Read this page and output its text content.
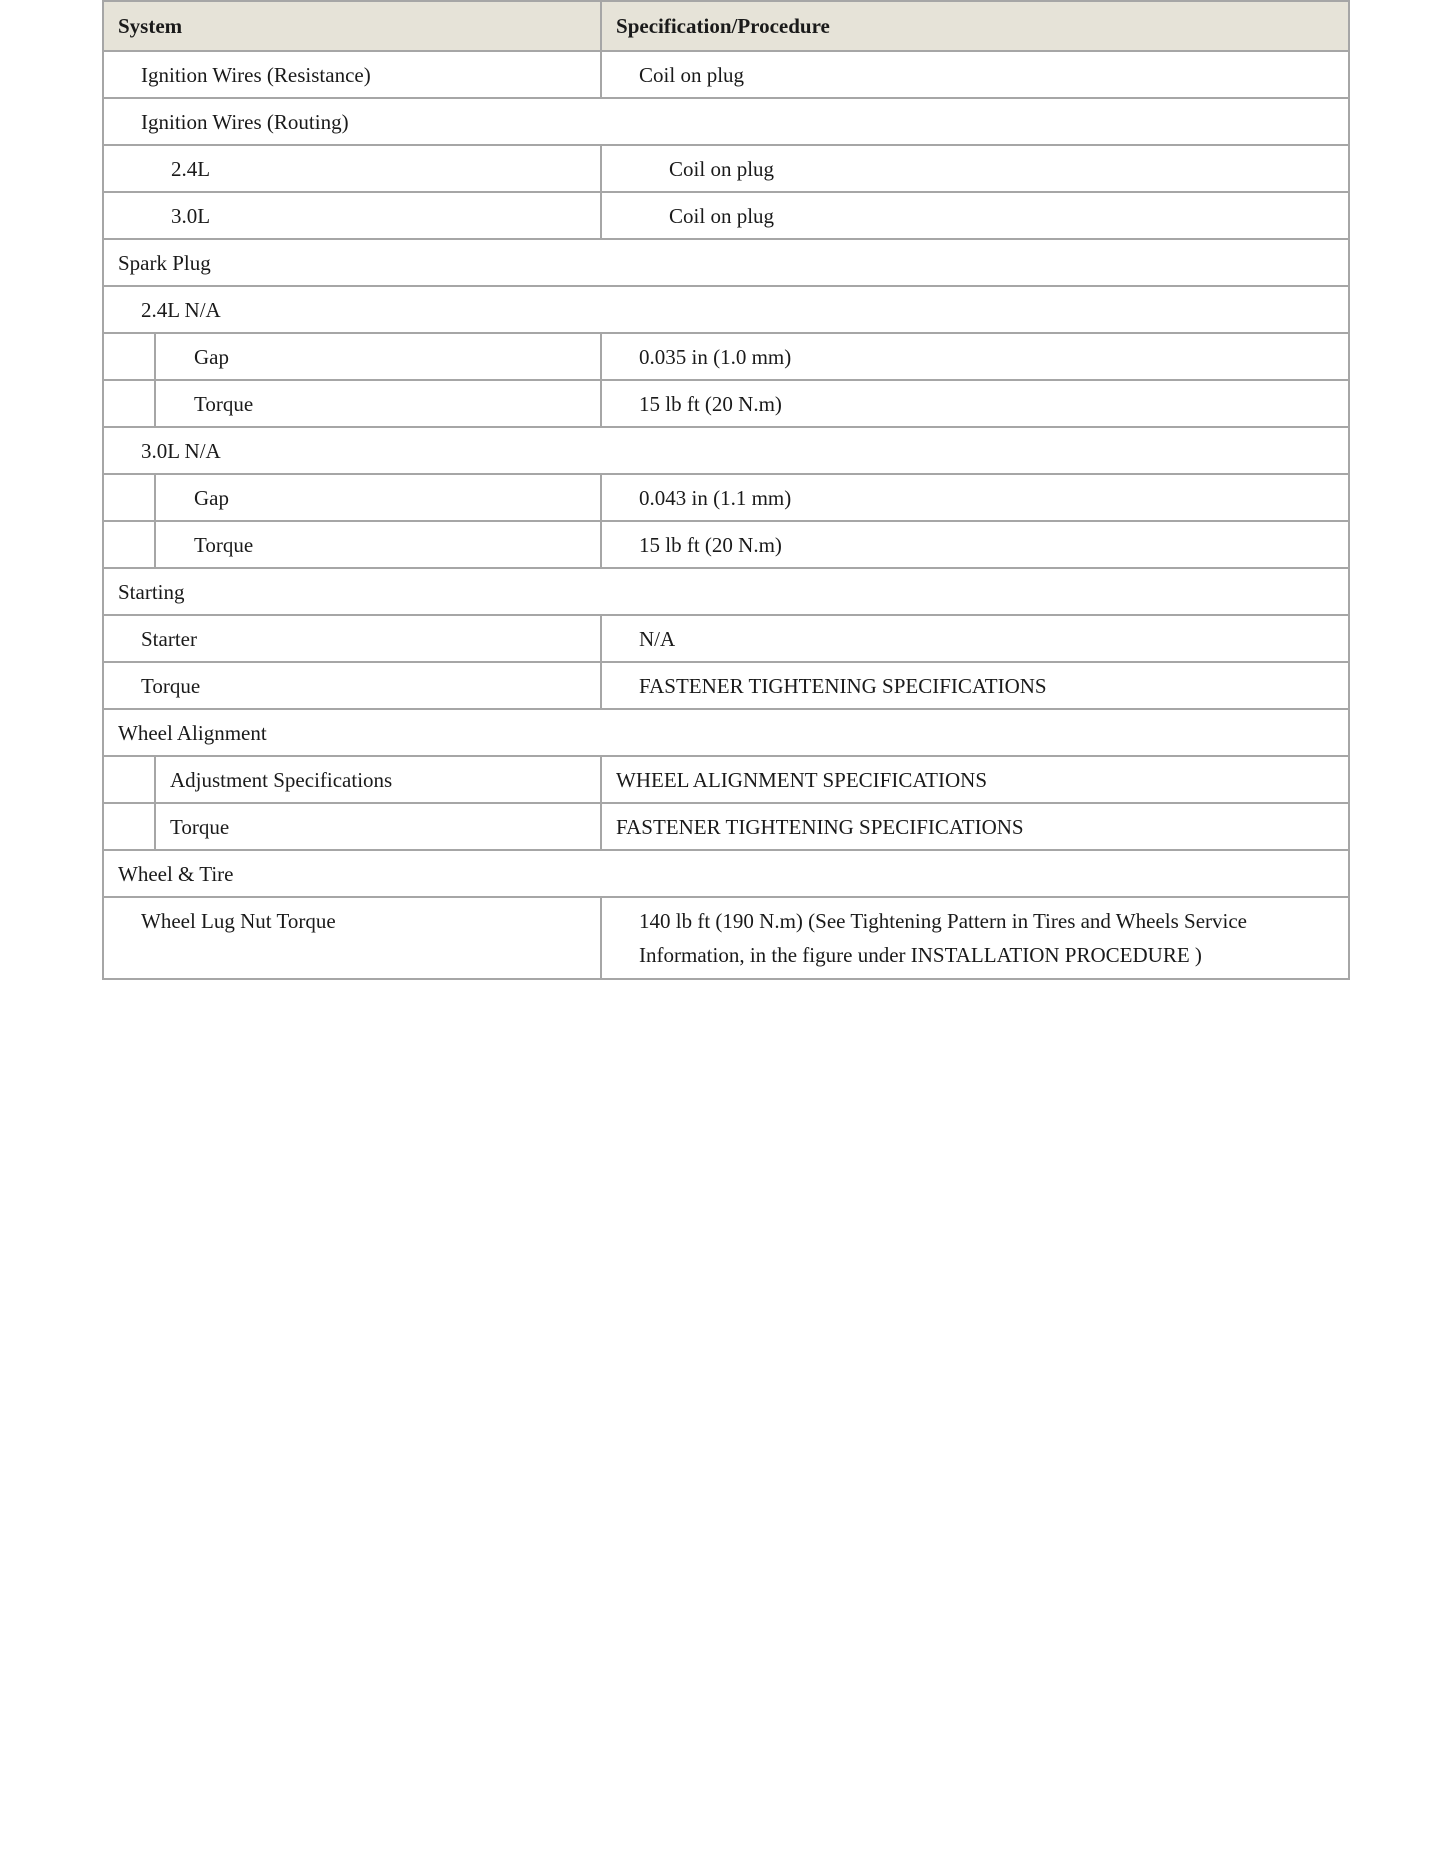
System		Specification/Procedure
Ignition Wires (Resistance)		Coil on plug
Ignition Wires (Routing)		
2.4L		Coil on plug
3.0L		Coil on plug
Spark Plug		
2.4L N/A		
	Gap	0.035 in (1.0 mm)
	Torque	15 lb ft (20 N.m)
3.0L N/A		
	Gap	0.043 in (1.1 mm)
	Torque	15 lb ft (20 N.m)
Starting		
Starter		N/A
Torque		FASTENER TIGHTENING SPECIFICATIONS
Wheel Alignment		
	Adjustment Specifications	WHEEL ALIGNMENT SPECIFICATIONS
	Torque	FASTENER TIGHTENING SPECIFICATIONS
Wheel & Tire		
Wheel Lug Nut Torque		140 lb ft (190 N.m) (See Tightening Pattern in Tires and Wheels Service Information, in the figure under INSTALLATION PROCEDURE )
